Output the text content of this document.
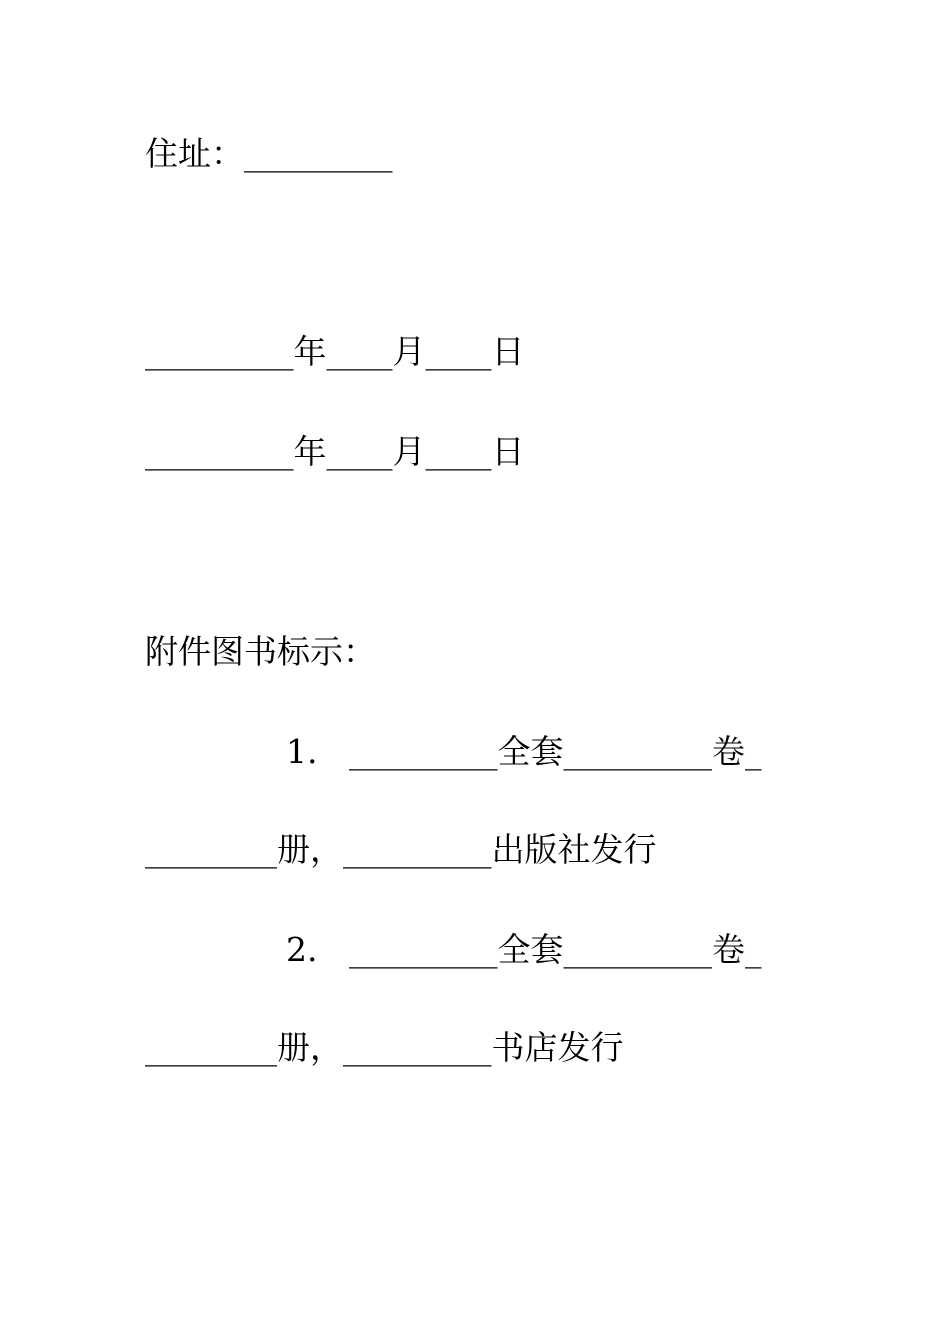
住址：_________
_________年____月____日
_________年____月____日
附件图书标示：
1.   _________全套_________卷_
________册，_________出版社发行
2.   _________全套_________卷_
________册，_________书店发行
